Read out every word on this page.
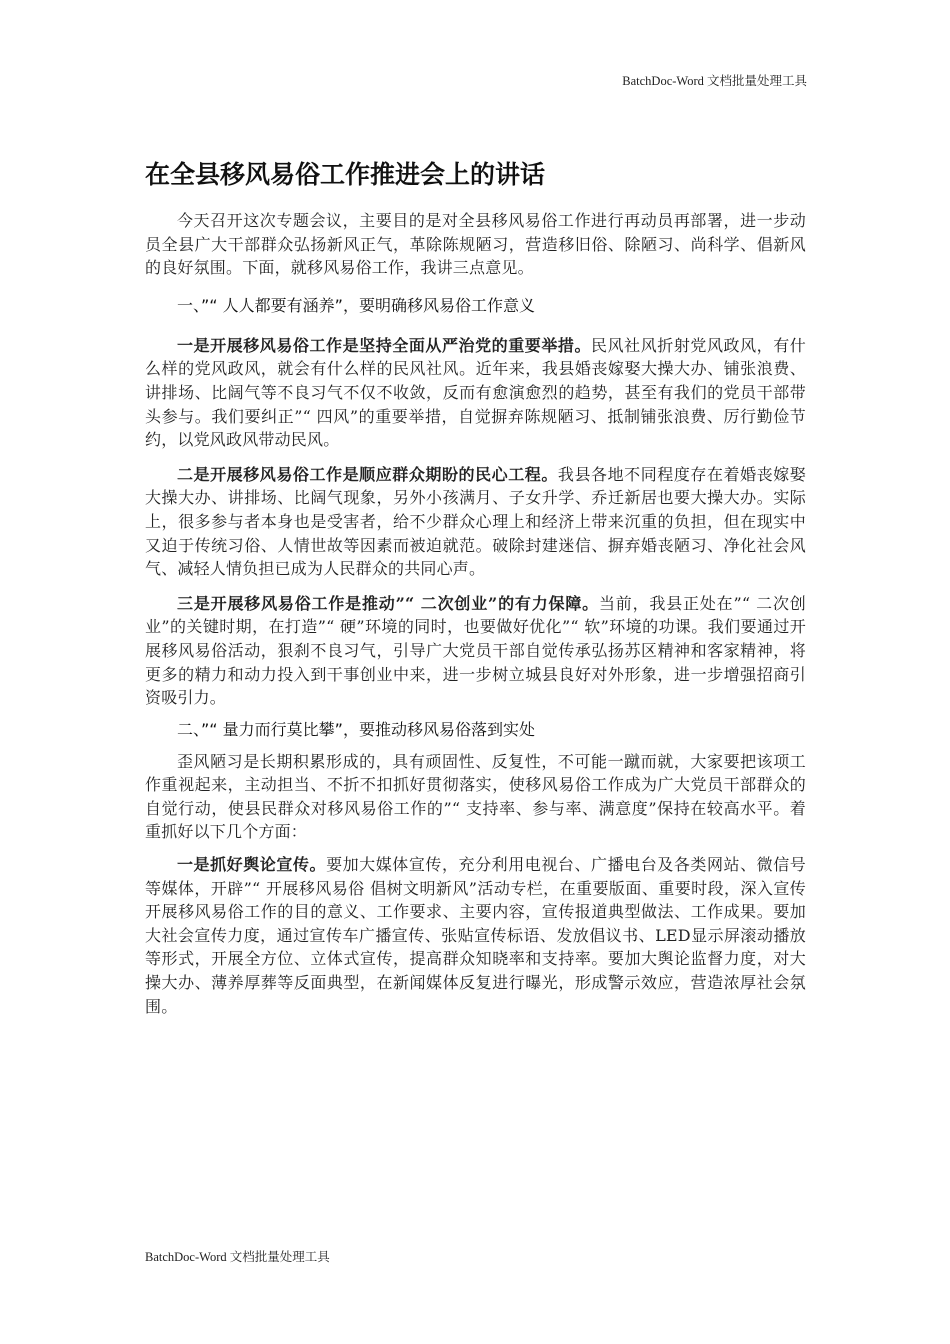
BatchDoc-Word 文档批量处理工具
在全县移风易俗工作推进会上的讲话

今天召开这次专题会议，主要目的是对全县移风易俗工作进行再动员再部署，进一步动员全县广大干部群众弘扬新风正气，革除陈规陋习，营造移旧俗、除陋习、尚科学、倡新风的良好氛围。下面，就移风易俗工作，我讲三点意见。

一、”“ 人人都要有涵养”，要明确移风易俗工作意义

一是开展移风易俗工作是坚持全面从严治党的重要举措。民风社风折射党风政风，有什么样的党风政风，就会有什么样的民风社风。近年来，我县婚丧嫁娶大操大办、铺张浪费、讲排场、比阔气等不良习气不仅不收敛，反而有愈演愈烈的趋势，甚至有我们的党员干部带头参与。我们要纠正”“ 四风”的重要举措，自觉摒弃陈规陋习、抵制铺张浪费、厉行勤俭节约，以党风政风带动民风。

二是开展移风易俗工作是顺应群众期盼的民心工程。我县各地不同程度存在着婚丧嫁娶大操大办、讲排场、比阔气现象，另外小孩满月、子女升学、乔迁新居也要大操大办。实际上，很多参与者本身也是受害者，给不少群众心理上和经济上带来沉重的负担，但在现实中又迫于传统习俗、人情世故等因素而被迫就范。破除封建迷信、摒弃婚丧陋习、净化社会风气、减轻人情负担已成为人民群众的共同心声。

三是开展移风易俗工作是推动”“ 二次创业”的有力保障。当前，我县正处在”“ 二次创业”的关键时期，在打造”“ 硬”环境的同时，也要做好优化”“ 软”环境的功课。我们要通过开展移风易俗活动，狠刹不良习气，引导广大党员干部自觉传承弘扬苏区精神和客家精神，将更多的精力和动力投入到干事创业中来，进一步树立城县良好对外形象，进一步增强招商引资吸引力。

二、”“ 量力而行莫比攀”，要推动移风易俗落到实处

歪风陋习是长期积累形成的，具有顽固性、反复性，不可能一蹴而就，大家要把该项工作重视起来，主动担当、不折不扣抓好贯彻落实，使移风易俗工作成为广大党员干部群众的自觉行动，使县民群众对移风易俗工作的”“ 支持率、参与率、满意度”保持在较高水平。着重抓好以下几个方面：

一是抓好舆论宣传。要加大媒体宣传，充分利用电视台、广播电台及各类网站、微信号等媒体，开辟”“ 开展移风易俗 倡树文明新风”活动专栏，在重要版面、重要时段，深入宣传开展移风易俗工作的目的意义、工作要求、主要内容，宣传报道典型做法、工作成果。要加大社会宣传力度，通过宣传车广播宣传、张贴宣传标语、发放倡议书、LED显示屏滚动播放等形式，开展全方位、立体式宣传，提高群众知晓率和支持率。要加大舆论监督力度，对大操大办、薄养厚葬等反面典型，在新闻媒体反复进行曝光，形成警示效应，营造浓厚社会氛围。

BatchDoc-Word 文档批量处理工具
